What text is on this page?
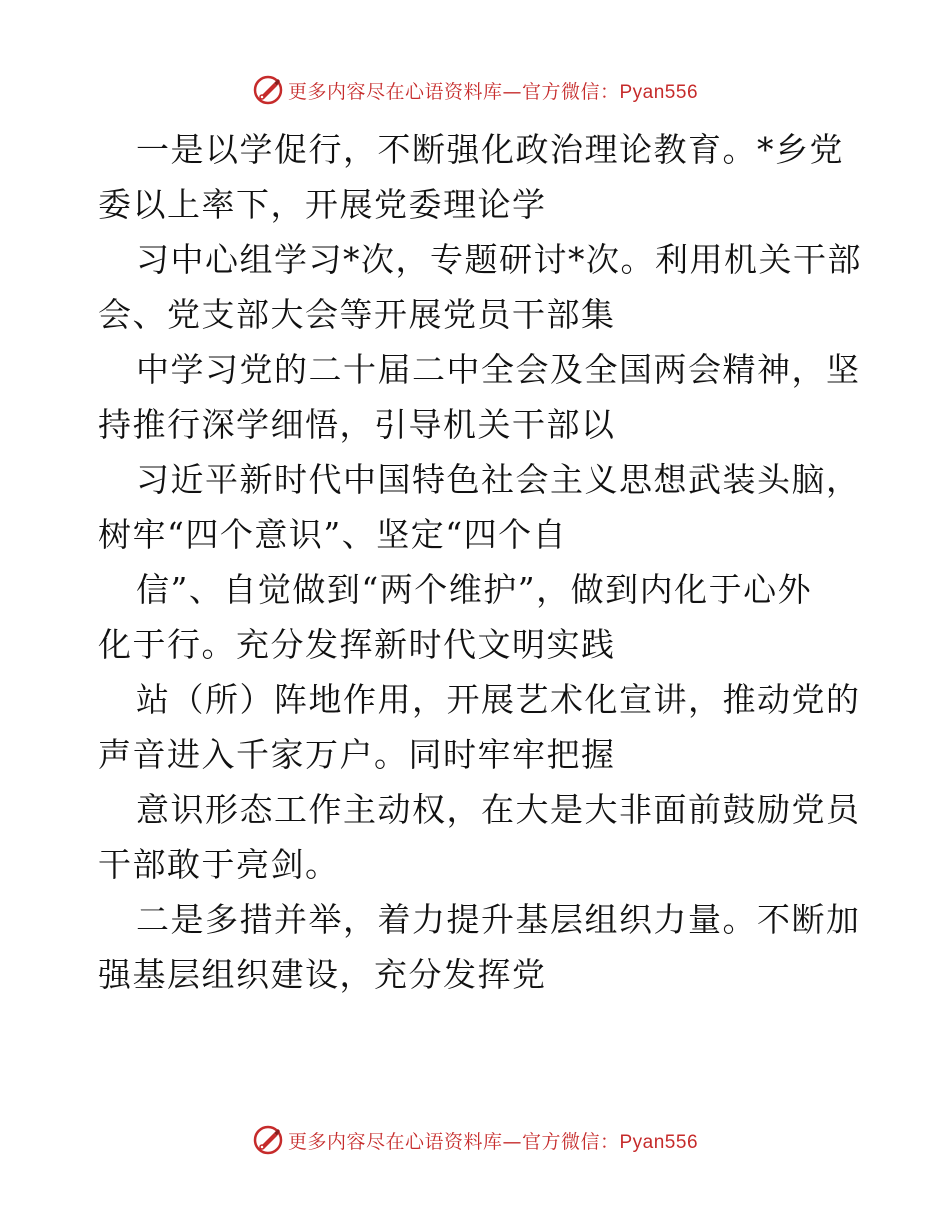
更多内容尽在心语资料库—官方微信：Pyan556
一是以学促行，不断强化政治理论教育。*乡党
委以上率下，开展党委理论学
习中心组学习*次，专题研讨*次。利用机关干部
会、党支部大会等开展党员干部集
中学习党的二十届二中全会及全国两会精神，坚
持推行深学细悟，引导机关干部以
习近平新时代中国特色社会主义思想武装头脑，
树牢“四个意识”、坚定“四个自
信”、自觉做到“两个维护”，做到内化于心外
化于行。充分发挥新时代文明实践
站（所）阵地作用，开展艺术化宣讲，推动党的
声音进入千家万户。同时牢牢把握
意识形态工作主动权，在大是大非面前鼓励党员
干部敢于亮剑。
二是多措并举，着力提升基层组织力量。不断加
强基层组织建设，充分发挥党
更多内容尽在心语资料库—官方微信：Pyan556
